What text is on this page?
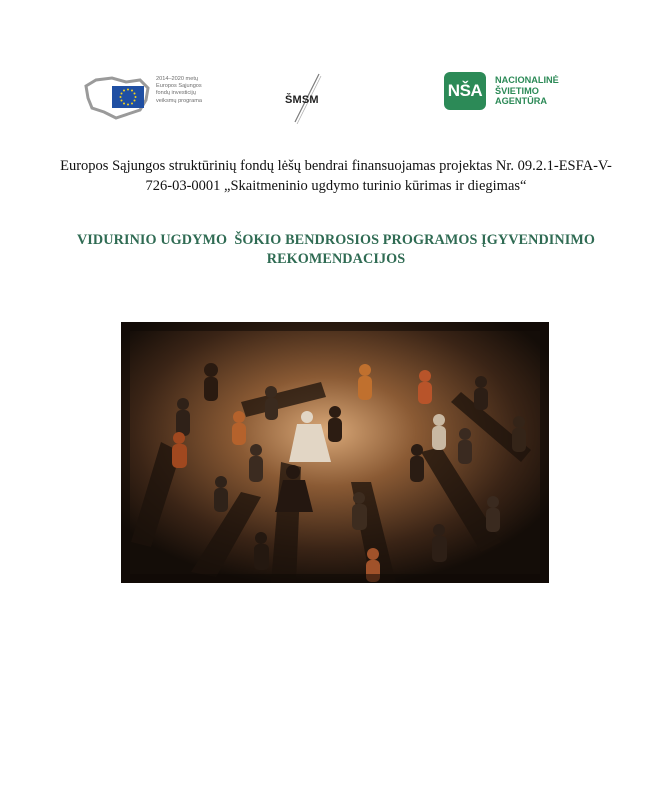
2014–2020 metų
Europos Sąjungos
fondų investicijų
veiksmų programa	ŠMSM	NŠA
NACIONALINĖ
ŠVIETIMO
AGENTŪRA
Europos Sąjungos struktūrinių fondų lėšų bendrai finansuojamas projektas Nr. 09.2.1-ESFA-V-
726-03-0001 „Skaitmeninio ugdymo turinio kūrimas ir diegimas“
VIDURINIO UGDYMO  ŠOKIO BENDROSIOS PROGRAMOS ĮGYVENDINIMO
REKOMENDACIJOS
